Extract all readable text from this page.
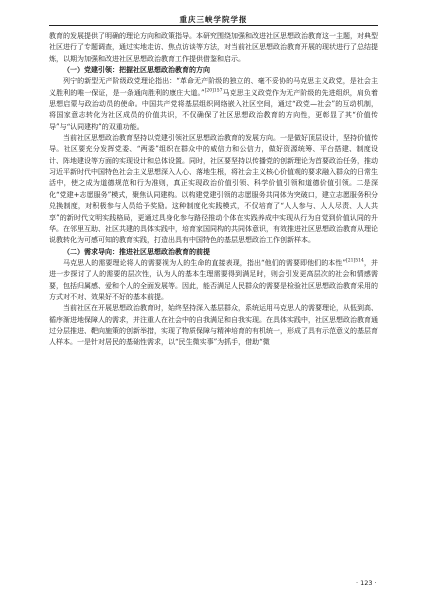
重庆三峡学院学报

教育的发展提供了明确的理论方向和政策指导。本研究围绕加强和改进社区思想政治教育这一主题，对典型社区进行了专题调查，通过实地走访、焦点访谈等方法，对当前社区思想政治教育开展的现状进行了总结提炼，以期为加强和改进社区思想政治教育工作提供借鉴和启示。

（一）党建引领：把握社区思想政治教育的方向

列宁的新型无产阶级政党理论指出：“革命无产阶级的独立的、毫不妥协的马克思主义政党，是社会主义胜利的唯一保证，是一条通向胜利的康庄大道。”$^{[20]157}$马克思主义政党作为无产阶级的先进组织，肩负着思想启蒙与政治动员的使命。中国共产党将基层组织网络嵌入社区空间，通过“政党—社会”的互动机制，将国家意志转化为社区成员的价值共识，不仅确保了社区思想政治教育的方向性，更彰显了其“价值传导”与“认同建构”的双重功能。

当前社区思想政治教育坚持以党建引领社区思想政治教育的发展方向。一是做好顶层设计，坚持价值传导。社区要充分发挥党委、“两委”组织在群众中的威信力和公信力，做好资源统筹、平台搭建、制度设计、阵地建设等方面的实现设计和总体设置。同时，社区要坚持以传播党的创新理论为首要政治任务，推动习近平新时代中国特色社会主义思想深入人心、落地生根，将社会主义核心价值观的要求融入群众的日常生活中，使之成为道德规范和行为准则，真正实现政治价值引领、科学价值引领和道德价值引领。二是深化“党建+志愿服务”模式，聚焦认同建构。以构建党建引领的志愿服务共同体为突破口，建立志愿服务积分兑换制度，对积极参与人员给予奖励。这种制度化实践模式，不仅培育了“人人参与、人人尽责、人人共享”的新时代文明实践格局，更通过具身化参与路径推动个体在实践养成中实现从行为自觉到价值认同的升华。在邻里互助、社区共建的具体实践中，培育家国同构的共同体意识，有效推进社区思想政治教育从理论说教转化为可感可知的教育实践，打造出具有中国特色的基层思想政治工作创新样本。

（二）需求导向：推进社区思想政治教育的前提

马克思人的需要理论将人的需要视为人的生命的直接表现，指出“他们的需要即他们的本性”$^{[21]514}$，并进一步探讨了人的需要的层次性，认为人的基本生理需要得到满足时，则会引发更高层次的社会和情感需要，包括归属感、爱和个人的全面发展等。因此，能否满足人民群众的需要是检验社区思想政治教育采用的方式对不对、效果好不好的基本前提。

当前社区在开展思想政治教育时，始终坚持深入基层群众，系统运用马克思人的需要理论，从低到高、循序渐进地保障人的需求，并注重人在社会中的自我满足和自我实现。在具体实践中，社区思想政治教育通过分层推进、靶向施策的创新举措，实现了物质保障与精神培育的有机统一，形成了具有示范意义的基层育人样本。一是针对居民的基础性需求，以“民生微实事”为抓手，借助“微

· 123 ·
